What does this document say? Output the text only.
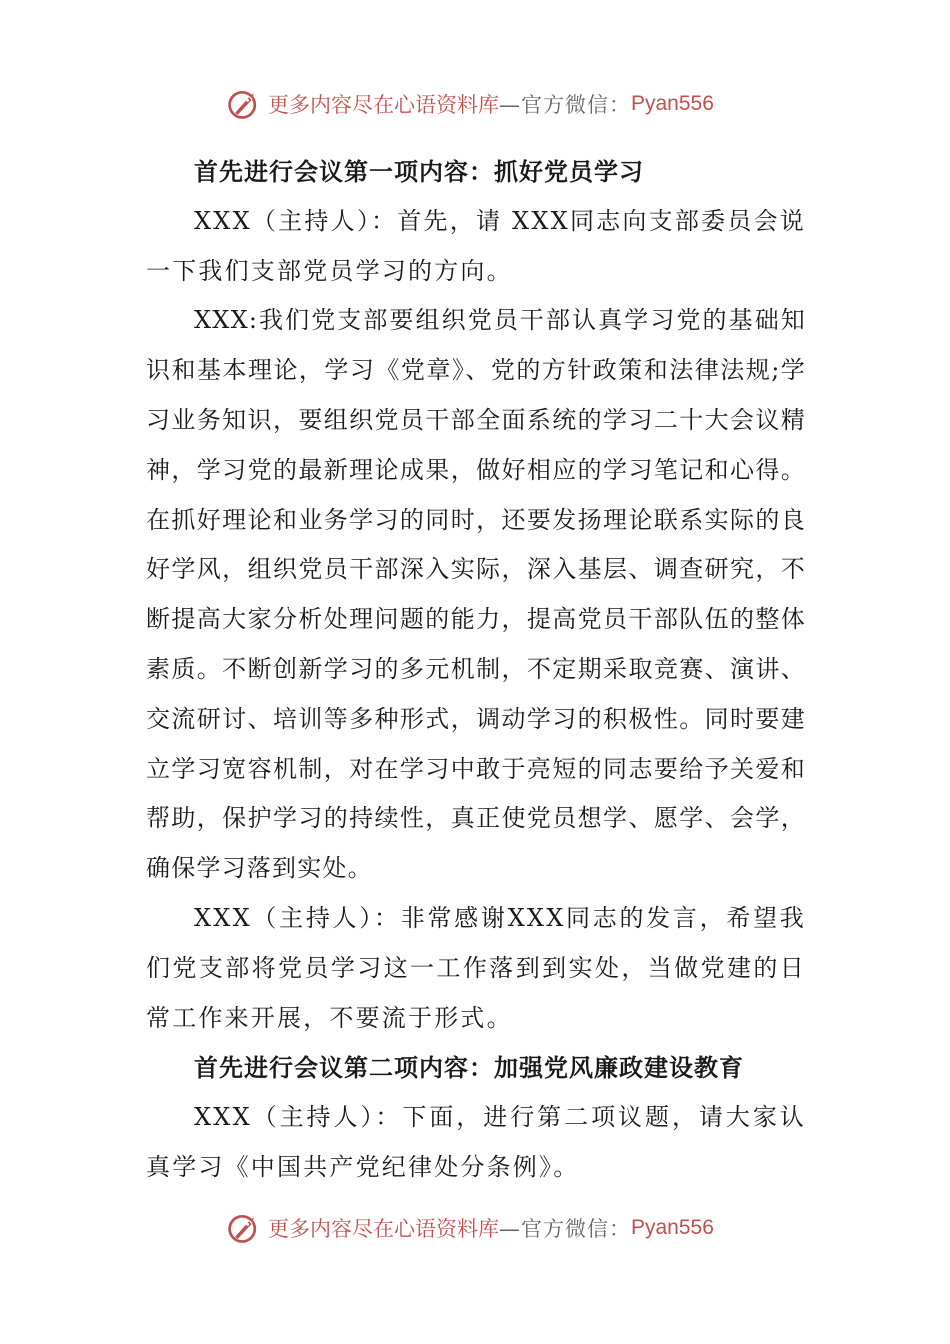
更多内容尽在心语资料库 —官方微信： Pyan556

首先进行会议第一项内容：抓好党员学习

XXX（主持人）：首先，请 XXX同志向支部委员会说一下我们支部党员学习的方向。

XXX:我们党支部要组织党员干部认真学习党的基础知识和基本理论，学习《党章》、党的方针政策和法律法规;学习业务知识，要组织党员干部全面系统的学习二十大会议精神，学习党的最新理论成果，做好相应的学习笔记和心得。在抓好理论和业务学习的同时，还要发扬理论联系实际的良好学风，组织党员干部深入实际，深入基层、调查研究，不断提高大家分析处理问题的能力，提高党员干部队伍的整体素质。不断创新学习的多元机制，不定期采取竞赛、演讲、交流研讨、培训等多种形式，调动学习的积极性。同时要建立学习宽容机制，对在学习中敢于亮短的同志要给予关爱和帮助，保护学习的持续性，真正使党员想学、愿学、会学，确保学习落到实处。

XXX（主持人）：非常感谢XXX同志的发言，希望我们党支部将党员学习这一工作落到到实处，当做党建的日常工作来开展，不要流于形式。

首先进行会议第二项内容：加强党风廉政建设教育

XXX（主持人）：下面，进行第二项议题，请大家认真学习《中国共产党纪律处分条例》。

更多内容尽在心语资料库 —官方微信： Pyan556
